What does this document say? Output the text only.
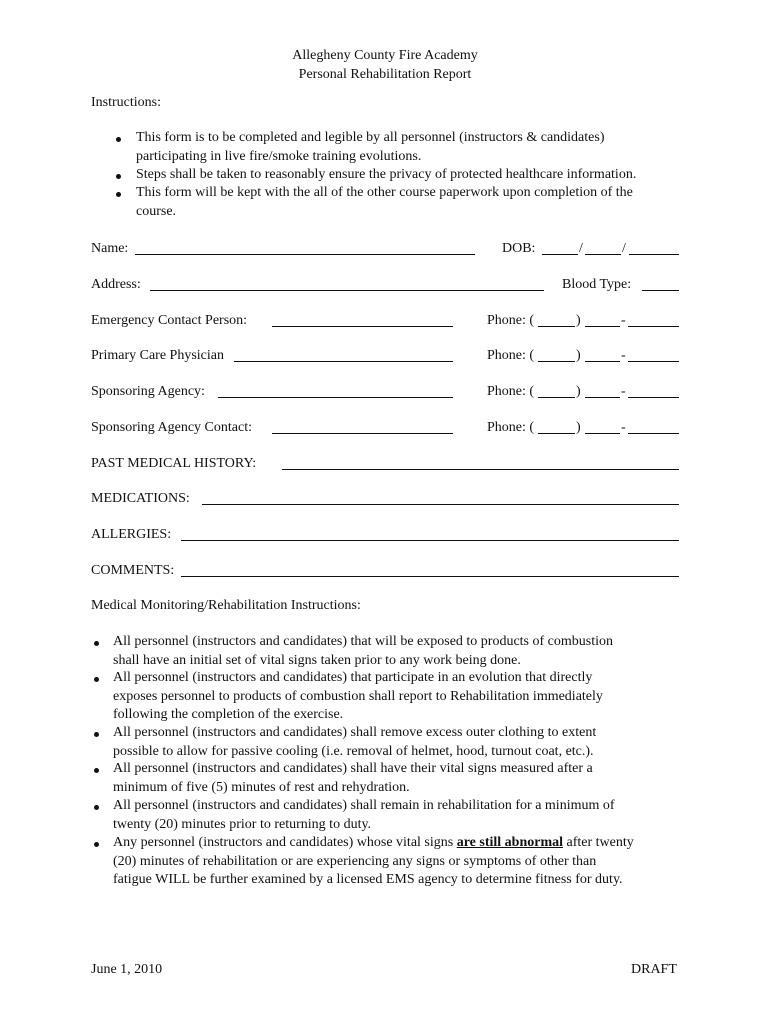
Allegheny County Fire Academy
Personal Rehabilitation Report
Instructions:
This form is to be completed and legible by all personnel (instructors & candidates)
participating in live fire/smoke training evolutions.
Steps shall be taken to reasonably ensure the privacy of protected healthcare information.
This form will be kept with the all of the other course paperwork upon completion of the
course.
Name:	DOB:	/	/
Address:	Blood Type:
Emergency Contact Person:	Phone: (	)	-
Primary Care Physician	Phone: (	)	-
Sponsoring Agency:	Phone: (	)	-
Sponsoring Agency Contact:	Phone: (	)	-
PAST MEDICAL HISTORY:
MEDICATIONS:
ALLERGIES:
COMMENTS:
Medical Monitoring/Rehabilitation Instructions:
All personnel (instructors and candidates) that will be exposed to products of combustion
shall have an initial set of vital signs taken prior to any work being done.
All personnel (instructors and candidates) that participate in an evolution that directly
exposes personnel to products of combustion shall report to Rehabilitation immediately
following the completion of the exercise.
All personnel (instructors and candidates) shall remove excess outer clothing to extent
possible to allow for passive cooling (i.e. removal of helmet, hood, turnout coat, etc.).
All personnel (instructors and candidates) shall have their vital signs measured after a
minimum of five (5) minutes of rest and rehydration.
All personnel (instructors and candidates) shall remain in rehabilitation for a minimum of
twenty (20) minutes prior to returning to duty.
Any personnel (instructors and candidates) whose vital signs are still abnormal after twenty
(20) minutes of rehabilitation or are experiencing any signs or symptoms of other than
fatigue WILL be further examined by a licensed EMS agency to determine fitness for duty.
June 1, 2010	DRAFT
